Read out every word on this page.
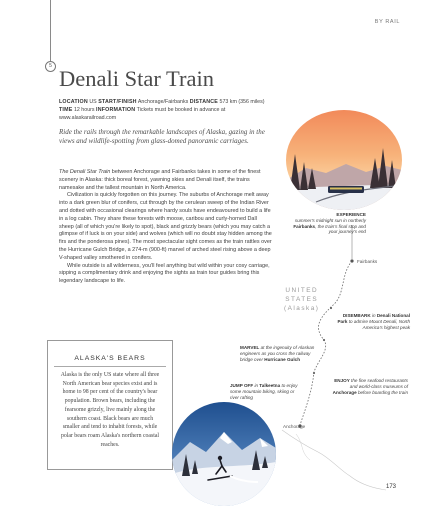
BY RAIL
5 Denali Star Train
LOCATION US START/FINISH Anchorage/Fairbanks DISTANCE 573 km (356 miles) TIME 12 hours INFORMATION Tickets must be booked in advance at www.alaskarailroad.com
Ride the rails through the remarkable landscapes of Alaska, gazing in the views and wildlife-spotting from glass-domed panoramic carriages.

The Denali Star Train between Anchorage and Fairbanks takes in some of the finest scenery in Alaska: thick boreal forest, yawning skies and Denali itself, the trains namesake and the tallest mountain in North America.

Civilization is quickly forgotten on this journey. The suburbs of Anchorage melt away into a dark green blur of conifers, cut through by the cerulean sweep of the Indian River and dotted with occasional clearings where hardy souls have endeavoured to build a life in a log cabin. They share these forests with moose, caribou and curly-horned Dall sheep (all of which you're likely to spot), black and grizzly bears (which you may catch a glimpse of if luck is on your side) and wolves (which will no doubt stay hidden among the firs and the ponderosa pines). The most spectacular sight comes as the train rattles over the Hurricane Gulch Bridge, a 274-m (900-ft) marvel of arched steel rising above a deep V-shaped valley smothered in conifers.

While outside is all wilderness, you'll feel anything but wild within your cosy carriage, sipping a complimentary drink and enjoying the sights as train tour guides bring this legendary landscape to life.

ALASKA'S BEARS
Alaska is the only US state where all three North American bear species exist and is home to 98 per cent of the country's bear population. Brown bears, including the fearsome grizzly, live mainly along the southern coast. Black bears are much smaller and tend to inhabit forests, while polar bears roam Alaska's northern coastal reaches.
EXPERIENCE
summer's midnight sun in northerly Fairbanks, the train's final stop and your journey's end
Fairbanks
UNITED
STATES
(Alaska)
DISEMBARK in Denali National Park to admire Mount Denali, North America's highest peak
MARVEL at the ingenuity of Alaskan engineers as you cross the railway bridge over Hurricane Gulch
ENJOY the fine seafood restaurants and world-class museums of Anchorage before boarding the train
JUMP OFF in Talkeetna to enjoy some mountain biking, skiing or river rafting
Anchorage
173
